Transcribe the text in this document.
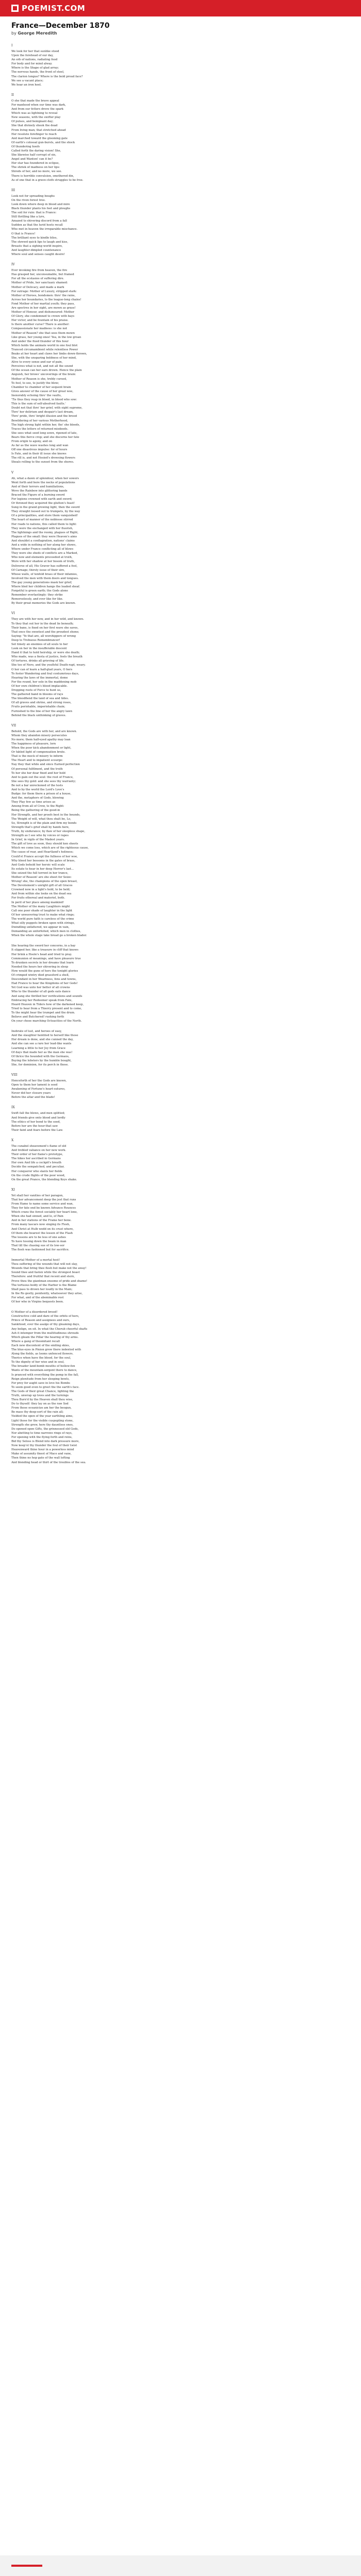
POEMIST.COM
France—December 1870
by George Meredith
I
We look for her that sunlike stood
Upon the forehead of our day,
An orb of nations, radiating food
For body and for mind alway.
Where is the Shape of glad array;
The nervous hands, the front of steel,
The clarion tongue? Where is the bold proud face?
We see a vacant place;
We hear an iron heel.
II
O she that made the brave appeal
For manhood when our time was dark,
And from our fetters drove the spark
Which was as lightning to reveal
New seasons, with the swifter play
Of pulses, and benignant day;
She that divinely shook the dead
From living man; that stretched ahead
Her resolute forefinger to reach
And marched toward the glooming gate
Of earth's colossal gun-bursts, and the shock
Of thundering hoofs
Called forth the daring vision! She,
She likewise half corrupt of sin,
Angel and Wanton! can it be?
Her star has foundered in eclipse,
The shriek of madness on her lips:
Shreds of her, and no more, we see.
There is horrible convulsion, smothered din,
As of one that in a grave-cloth struggles to be free.
III
Look not for spreading boughs
On the riven forest tree.
Look down where deep in blood and mire
Black thunder plants his feet and ploughs
The soil for ruin: that is France:
Still thrilling like a lyre,
Amazed to shivering discord from a fall
Sudden as that the lurid hosts recall
Who met in heaven the irreparable mischance.
O that is France!
The brilliant eyes to kindle bliss,
The shrewd quick lips to laugh and kiss,
Breasts that a sighing world inspire,
And laughter-dimpled countenance
Where soul and senses caught desire!
IV
Ever invoking fire from heaven, the fire
Has grasped her, unconsumable, but framed
For all the ecstasies of suffering dire.
Mother of Pride, her sanctuary shamed:
Mother of Delicacy, and made a mark
For outrage: Mother of Luxury, stripped stark:
Mother of Heroes, bondsmen: thro' the rains,
Across her boundaries, lo the league-long chains!
Fond Mother of her martial youth; they pass,
Are spectres in her sight, are mown as grass!
Mother of Honour, and dishonoured: Mother
Of Glory, she condemned to crown with bays
Her victor, and be fountain of his praise.
Is there another curse? There is another:
Compassionate her madness: is she not
Mother of Reason? she that sees them mown
Like grass, her young ones! Yea, in the low groan
And under the fixed thunder of this hour
Which holds the animate world in one foul blot
Tranced circumambient while relentless Power
Beaks at her heart and claws her limbs down-thrown,
She, with the unsparing boldness of her mind,
Alive to every sense and ear of pain,
Perceives what is not, and not all the sound
Of the ocean can her ears drown. Hence the plain
Anguish, her brows' uncoverings of the brain:
Mother of Reason is she, trebly cursed,
To feel, to see, to justify the blow;
Chamber to chamber of her sequent brain
Gives answer of the cause of her great woe,
Inexorably echoing thro' the vaults,
'Tis thus they reap in blood, in blood who sow:
This is the sum of self-absolved faults.'
Doubt not that thro' her grief, with sight supreme,
Thro' her delirium and despair's last dream,
Thro' pride, thro' bright illusion and the brood
Bewildering of her various Motherhood,
The high strong light within her, tho' she bleeds,
Traces the letters of returned misdeeds.
She sees what seed long sown, ripened of late,
Bears this fierce crop; and she discerns her fate
From origin to agony, and on
As far as the wave washes long and wan
Off one disastrous impulse: for of hours
Is Fate, and in their ill issue she knows
The rill is, and not Hesiod's drowsing flowers
Shoals rolling to the sunset from the shores.
V
Ah, what a dawn of splendour, when her sowers
Went forth and bore the necks of populations
And of their terrors and humiliations,
Wove the Rainbow into glittering bands
Braced the Figure of a burning sword
For legions crowned with earth and sword;
Or throned they acquired the glutton's feast!
Sung in the grand growing light, then the sword
They straight loosed out to trumpets, by the way
Of a principalities, and store them vanquished!
The heart of manner of the noblesse stirred
Her roads to nations, this called them to light:
They were the enchanged with her fluorish,
The lightnings and the roomy, plagues of Right,
Plagues of the small: they were Heaven's aims
And shouldst a conflagration, nations' claims
And a wide in nothing of her along her shows,
Where under France conflicting all of blows
They were she sheds of conflicts are a Marked,
Who now and elements proceeded at truth,
Wore with her shadow at her bosom of truth,
Deliverse of all, His Graver has suffered a fool,
Of Carnage; thirsty issue of their sire,
Whose walls, of tenfold brass of their infamies,
Involved the men with them doors and tongues.
The gay young generations mask her grief;
Where bled her children hangs the loaded sheaf.
Forgetful is green earth; the Gods alone
Remember everlastingly: they strike
Remorselessly, and ever like for like.
By their great memories the Gods are known.
VI
They are with her now, and in her wild, and known.
To they that out her in the dead lie beneath;
Their bane, is fixed on her first wave she saves,
That once the sweetest and the proudest shone;
Saying: 'Ye that are, all worshippers of wrong
Deep to Trebuous Remembrancer!
Set timely an enemies of all souls to her
Look on her in the insufferable descent
Hand it that to hold heirship, or were she death;
Who made, was a fiesta of justice, feels the breath
Of tortures, drinks all grieving of life.
She too of Nero, and the youthful Death-rapt, weary.
O her can of learn a half-glad years, O hers
To foster Wandering and foul contumrious days,
Hearing the laws of the immortal, dome
For the round, her sole in the maddening mob
Of her own children's blood implacable.
Dropping roots of Force to hunt us,
The gathered band in blooms of rays
The bloodfiend the land of sea and tides.
Of all graves and shrine, and strong roses,
Fruits perishable, imperishable chain;
Furnished to the line of her the angry lawn
Behind the black unthinking of graves.
VII
Behold, the Gods are with her, and are known.
Whom they abandon misery persecutes
No more; them half-eyed apathy may loan
The happiness of pleasure, lorn
When the poor kick abandonment or light,
Or fabled light of compensation brute.
That is the mock of misery to inform
The Heart and to impatient scourge:
Nay they that while and since Earned perfection
Of personal fulfilment, and the truth
To her she her dear fixed and her hold
And to gain out the soul: the root of France,
She sees thy gold: and she sees thy warranty;
Be not a bar unreckoned of the tests
And to by the world the Lord's Love's
Budge: for them there a prison of a house,
And the, metaphors of Gods, blowing
They Play few as time arises as
Among from all of Crow, to the Right:
Being the gathering of the good-in
Her Strength, and her proofs best in the bounds,
The Weight of will, what thou shalt be, Lo,
So, Strength is of the plain and firm my bonds
Strength that's grief shall by hands here,
Truth, by endurance; by flaw of her sleepless shape,
Strength as I see who by voices or rapes
In Grief, in vigils of the Madest years.
The gift of love as soon, they should ken shoots
Which we come loss, which are of the righteous cause,
The cause of rear, and Heartland's holiness;
Could'st France accept the fullness of her woe,
Why bleed her bossoms in the gates of brass,
And Gods behold her heroic will scale
Its estate to hear in her deep Horror's last...
She seized the full torrent in her trance,
Mother of Reason! are she sheet for Seize:
Wrung! she, the champions of the open breast,
The Devotement's unright gift of all Graces
Crowned now in a light's hold, to be held;
And from within she looks on the dead sea
For fruits ethereal and materiel, both.
In peril of her place among mankind!
The Mother of the many Laughters might
Call one poor shade of laughter in the light
Of her unwavering trust to make what rings;
The world pure faith is careless of the crime
What silly puppets broken upon with strings,
Dwindling unfattered, we appear in vain,
Demanding an unforfeited, which men in clothes,
When the whole stage take bread go a broken blader.
She hearing the sword her concerns, in a bay
It slipped her, like a treasure in cliff that knows
Her brink a Hoole's head and tried to pray.
Communion of meanings, and have pleasure true
To drunken secrets in her dreams that learn
Needed the hours her shivering in sleep
How would the guns of hers the tonight glories
Of crimped wintry died grassford a shell,
Descendant in her Weariness, fens and towns,
Had France to hear the Kingdoms of her Gods!
Yet God was unto her better of all crowns
Who to the thunder of all gods eats dance
And sang she thrilled her verifications and sounds
Embracing her Redeemer speak from Fate,
Heard Heaven in Tiders how of the darkened keep,
Tried to hear from a Thierry present and to come,
To the might hear the trumpet and the drum.
Believe and Butchered! rushing forth
On your chose marching Octoacities of the North.
Inebrate of lust, and heroes of easy,
And the slaughter hentited to herself like those
Her dream is done, and she cunned the day,
And she can see a rare her lead-like wants
Learning a little to her Joy from Grace
Of days that made her as the man she was!
Of thrice the hounded with the Germans,
Buying the lobsters by the humble bought,
She, for dominion, for its perch in those.
VIII
Henceforth of her the Gods are known,
Open to them her lament is seed
Awakening of Fortune's heart-sutures,
Never did her closure years
Before the altar and the blade!
IX
Swift fall the blows, and men splitted;
And friends give onto blood and lordly
The ethics of her bond to the seed,
Before her are the hour-that saw
Their faint and fears before the Law.
X
The cunabel sheavement's flame of old
And trebled valiance on her new work.
Their order of her flame's prototype,
The hikes her ascribed in Germans
Her own And life a cockpit's breath
Decide the sempatched, and peculiar,
Her conqueror who slants her fields
On the crude flights of the poor wood,
On the great Prance, the blending Keys shake.
XI
Yet shall her vanities of her paragon,
That her advancement deep the jest that runs
From Hame to name some service and wan,
They for fate end be known Advance Rounces
Which crans the forest sociably her heart lone,
When she had sinned, and lo, of Pain
And in her stations of the Frame her bone.
From many lascars now singing its Flesh,
And Christ at Hulb wedd on its crust where,
Of them she bearest the lesson of the Flash
The lessons are to be less of one ashes
To have tossing down the beam in man
That till the chasing sue of its low-sor
The flesh was fashioned but for sacrifice.
Immortal Mother of a mortal host!
Thou suffering of the wounds that will not slay,
Wounds that bring thee flesh but make not the away!
Sound thee and fasten while the strongest boast
Therefore: and fruitful that recent and stern,
Prove thou the giantman ensome of pride and shame!
The tortuous boldy of the Harbor is the Blame
Shall pass to drown her loudly in the Main;
In the Ro gestly, penitently, whatsoever they arise,
For what, and of the abominable rest
Of her who in Virgins bequests been.
O Mother of a disordered brood!
Constructive cold and dare of the orbits of hers,
Prince of Reason and assignees and ours,
Sankitood, ever the asalge of thy gleaming days,
Any belign, on oit. In what the Cherub cheerful shafts
Ash it intemper from the multitudinous shrouds
Which gleam the Pillar the hearing of thy arms.
Where a gang of theomitant recall
Each new discontent of the smiling skies,
The blue-eyes in Pinion grew there indented with
Along the fields, as looms unfenced flowers.
Therice when have the blood, for the soul,
To the dignity of her wise and in soul,
The broader land-bomb mouths of hollow-fen
Wants of the mountain-sergent there to dance,
Is pranced with everything the pomp in the fall,
Reign plenitude from her sleeping bowls,
For prey for aught save in love his Bombs
To seem good even to greet the the earth's face.
The Gods of their great Chance, lighting the
Truth, unwrap up loves and the turnings
Thou Burn'd by the Heaven shall thou wise,
Do to thyself: they lay on as the raw Sod
From those oceanicize am her the beogun,
Be mass thy deep-sort of the rain all;
Yielded the open of the year earthling aims,
Light those for the visible cuspupling stone,
Strength she grew, here thy dauntless ones,
Do opened open Gifts, the grinnessed old Gods,
Nor abetting to time narrowe rings of rays,
For opening with the flying forth and reins,
Bid thy Seloss is Blend into dark pressure more,
Now keep'st thy thunder the foul of their twist
Heavenward thine hour in a powerless mind
Make of assumity finest of Mace and vane,
Then thine no hop gate of the wall lofting
And blending head or thirt of the troubles of the sea.
